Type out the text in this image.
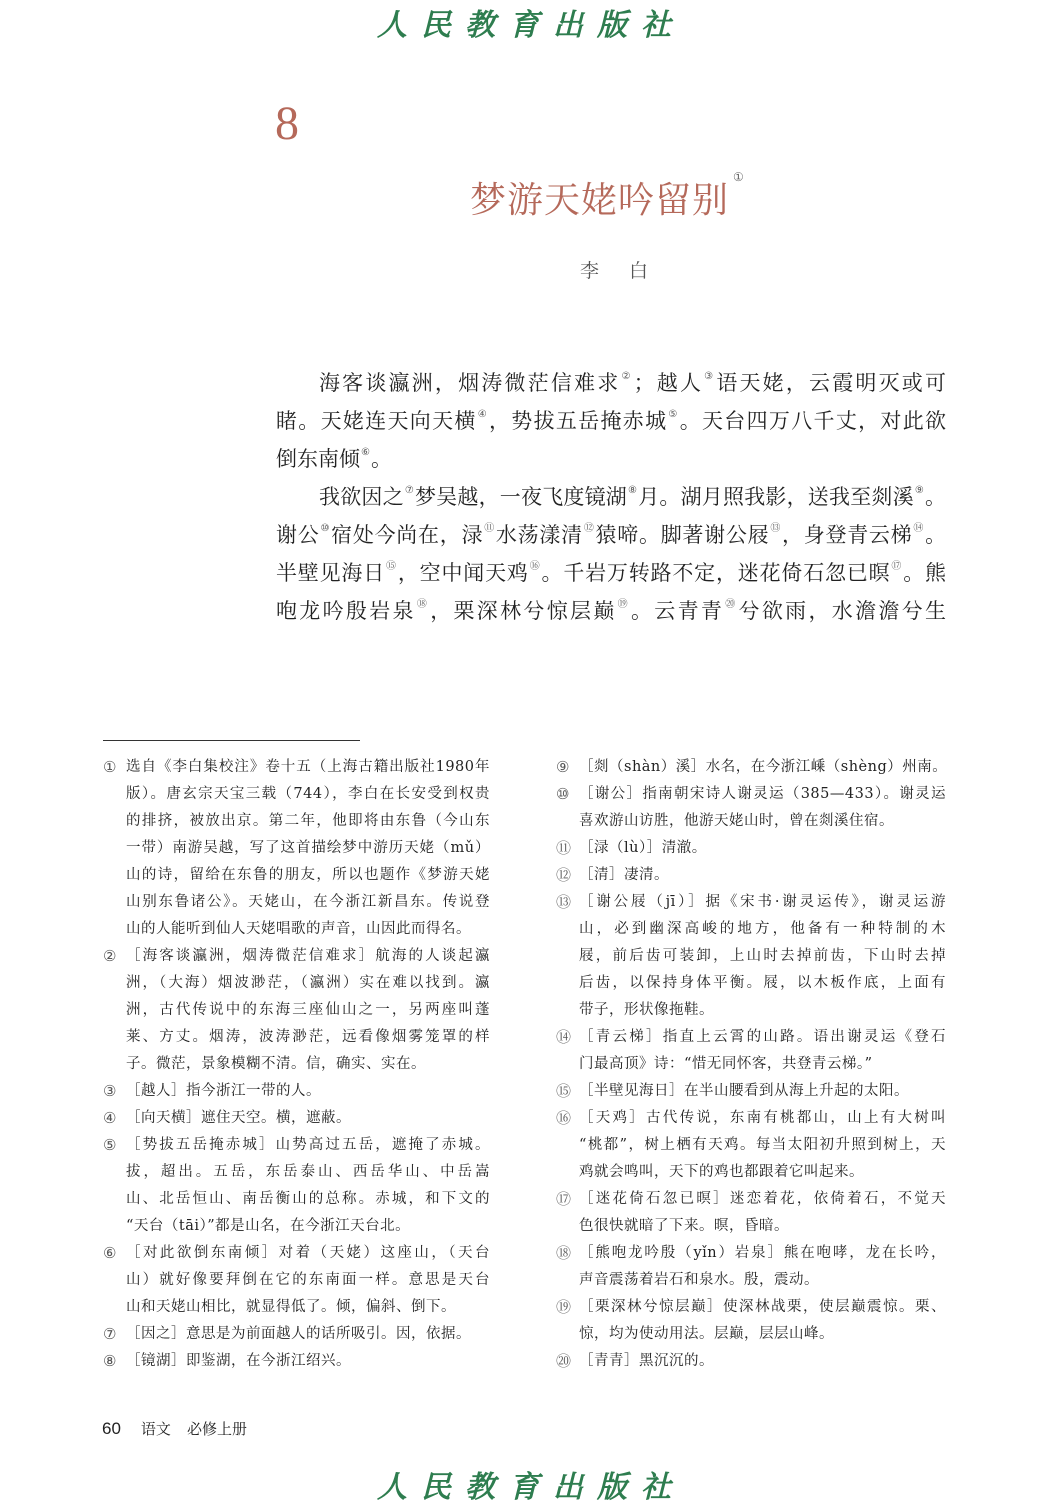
人民教育出版社
8
梦游天姥吟留别①
李白
海客谈瀛洲，烟涛微茫信难求②；越人③语天姥，云霞明灭或可
睹。天姥连天向天横④，势拔五岳掩赤城⑤。天台四万八千丈，对此欲
倒东南倾⑥。
我欲因之⑦梦吴越，一夜飞度镜湖⑧月。湖月照我影，送我至剡溪⑨。
谢公⑩宿处今尚在，渌⑪水荡漾清⑫猿啼。脚著谢公屐⑬，身登青云梯⑭。
半壁见海日⑮，空中闻天鸡⑯。千岩万转路不定，迷花倚石忽已暝⑰。熊
咆龙吟殷岩泉⑱，栗深林兮惊层巅⑲。云青青⑳兮欲雨，水澹澹兮生
① 选自《李白集校注》卷十五（上海古籍出版社1980年
版）。唐玄宗天宝三载（744），李白在长安受到权贵
的排挤，被放出京。第二年，他即将由东鲁（今山东
一带）南游吴越，写了这首描绘梦中游历天姥（mǔ）
山的诗，留给在东鲁的朋友，所以也题作《梦游天姥
山别东鲁诸公》。天姥山，在今浙江新昌东。传说登
山的人能听到仙人天姥唱歌的声音，山因此而得名。
② ［海客谈瀛洲，烟涛微茫信难求］航海的人谈起瀛
洲，（大海）烟波渺茫，（瀛洲）实在难以找到。瀛
洲，古代传说中的东海三座仙山之一，另两座叫蓬
莱、方丈。烟涛，波涛渺茫，远看像烟雾笼罩的样
子。微茫，景象模糊不清。信，确实、实在。
③ ［越人］指今浙江一带的人。
④ ［向天横］遮住天空。横，遮蔽。
⑤ ［势拔五岳掩赤城］山势高过五岳，遮掩了赤城。
拔，超出。五岳，东岳泰山、西岳华山、中岳嵩
山、北岳恒山、南岳衡山的总称。赤城，和下文的
“天台（tāi）”都是山名，在今浙江天台北。
⑥ ［对此欲倒东南倾］对着（天姥）这座山，（天台
山）就好像要拜倒在它的东南面一样。意思是天台
山和天姥山相比，就显得低了。倾，偏斜、倒下。
⑦ ［因之］意思是为前面越人的话所吸引。因，依据。
⑧ ［镜湖］即鉴湖，在今浙江绍兴。
⑨ ［剡（shàn）溪］水名，在今浙江嵊（shèng）州南。
⑩ ［谢公］指南朝宋诗人谢灵运（385—433）。谢灵运
喜欢游山访胜，他游天姥山时，曾在剡溪住宿。
⑪ ［渌（lù）］清澈。
⑫ ［清］凄清。
⑬ ［谢公屐（jī）］据《宋书·谢灵运传》，谢灵运游
山，必到幽深高峻的地方，他备有一种特制的木
屐，前后齿可装卸，上山时去掉前齿，下山时去掉
后齿，以保持身体平衡。屐，以木板作底，上面有
带子，形状像拖鞋。
⑭ ［青云梯］指直上云霄的山路。语出谢灵运《登石
门最高顶》诗：“惜无同怀客，共登青云梯。”
⑮ ［半壁见海日］在半山腰看到从海上升起的太阳。
⑯ ［天鸡］古代传说，东南有桃都山，山上有大树叫
“桃都”，树上栖有天鸡。每当太阳初升照到树上，天
鸡就会鸣叫，天下的鸡也都跟着它叫起来。
⑰ ［迷花倚石忽已暝］迷恋着花，依倚着石，不觉天
色很快就暗了下来。暝，昏暗。
⑱ ［熊咆龙吟殷（yǐn）岩泉］熊在咆哮，龙在长吟，
声音震荡着岩石和泉水。殷，震动。
⑲ ［栗深林兮惊层巅］使深林战栗，使层巅震惊。栗、
惊，均为使动用法。层巅，层层山峰。
⑳ ［青青］黑沉沉的。
60 语文 必修上册
人民教育出版社
